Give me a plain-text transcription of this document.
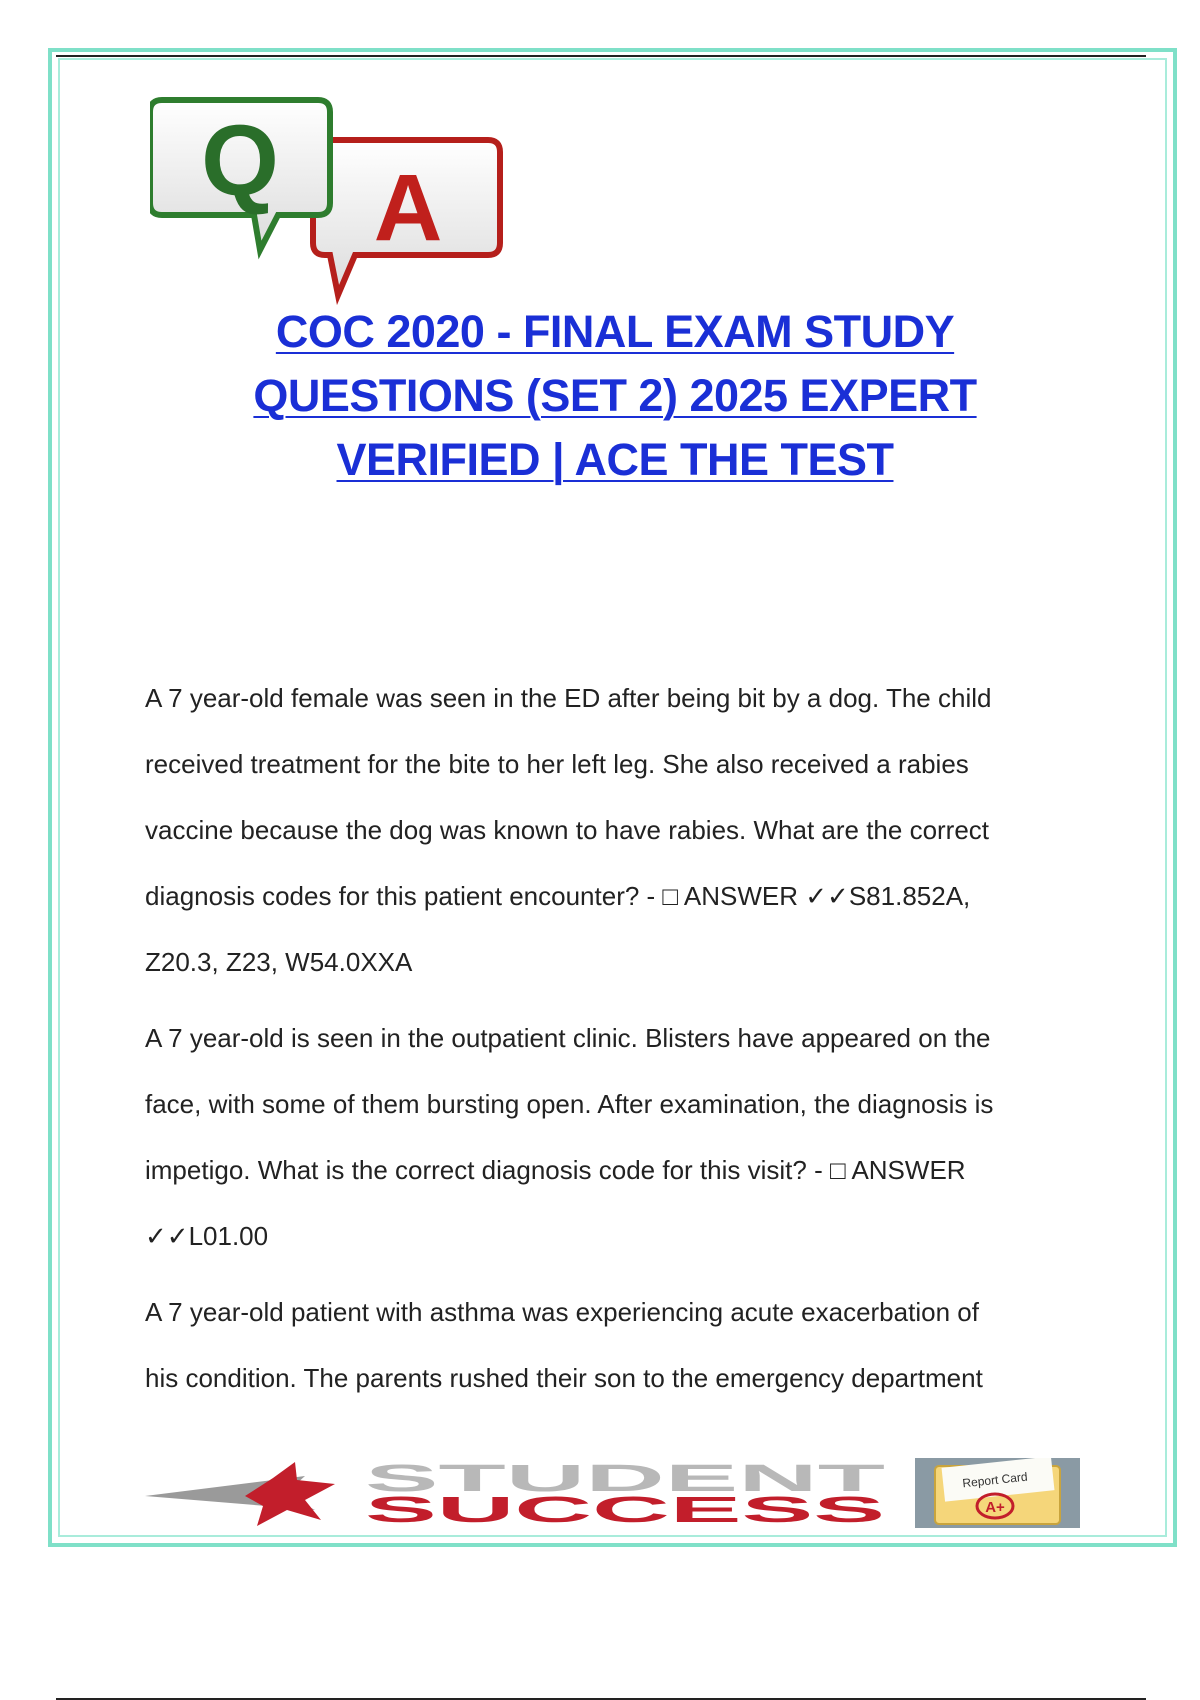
A
Q
COC 2020 - FINAL EXAM STUDY
QUESTIONS (SET 2) 2025 EXPERT
VERIFIED | ACE THE TEST

A 7 year-old female was seen in the ED after being bit by a dog. The child
received treatment for the bite to her left leg. She also received a rabies
vaccine because the dog was known to have rabies. What are the correct
diagnosis codes for this patient encounter? - □ ANSWER ✓✓S81.852A,
Z20.3, Z23, W54.0XXA

A 7 year-old is seen in the outpatient clinic. Blisters have appeared on the
face, with some of them bursting open. After examination, the diagnosis is
impetigo. What is the correct diagnosis code for this visit? - □ ANSWER
✓✓L01.00

A 7 year-old patient with asthma was experiencing acute exacerbation of
his condition. The parents rushed their son to the emergency department

STUDENT
SUCCESS
Report Card
A+
